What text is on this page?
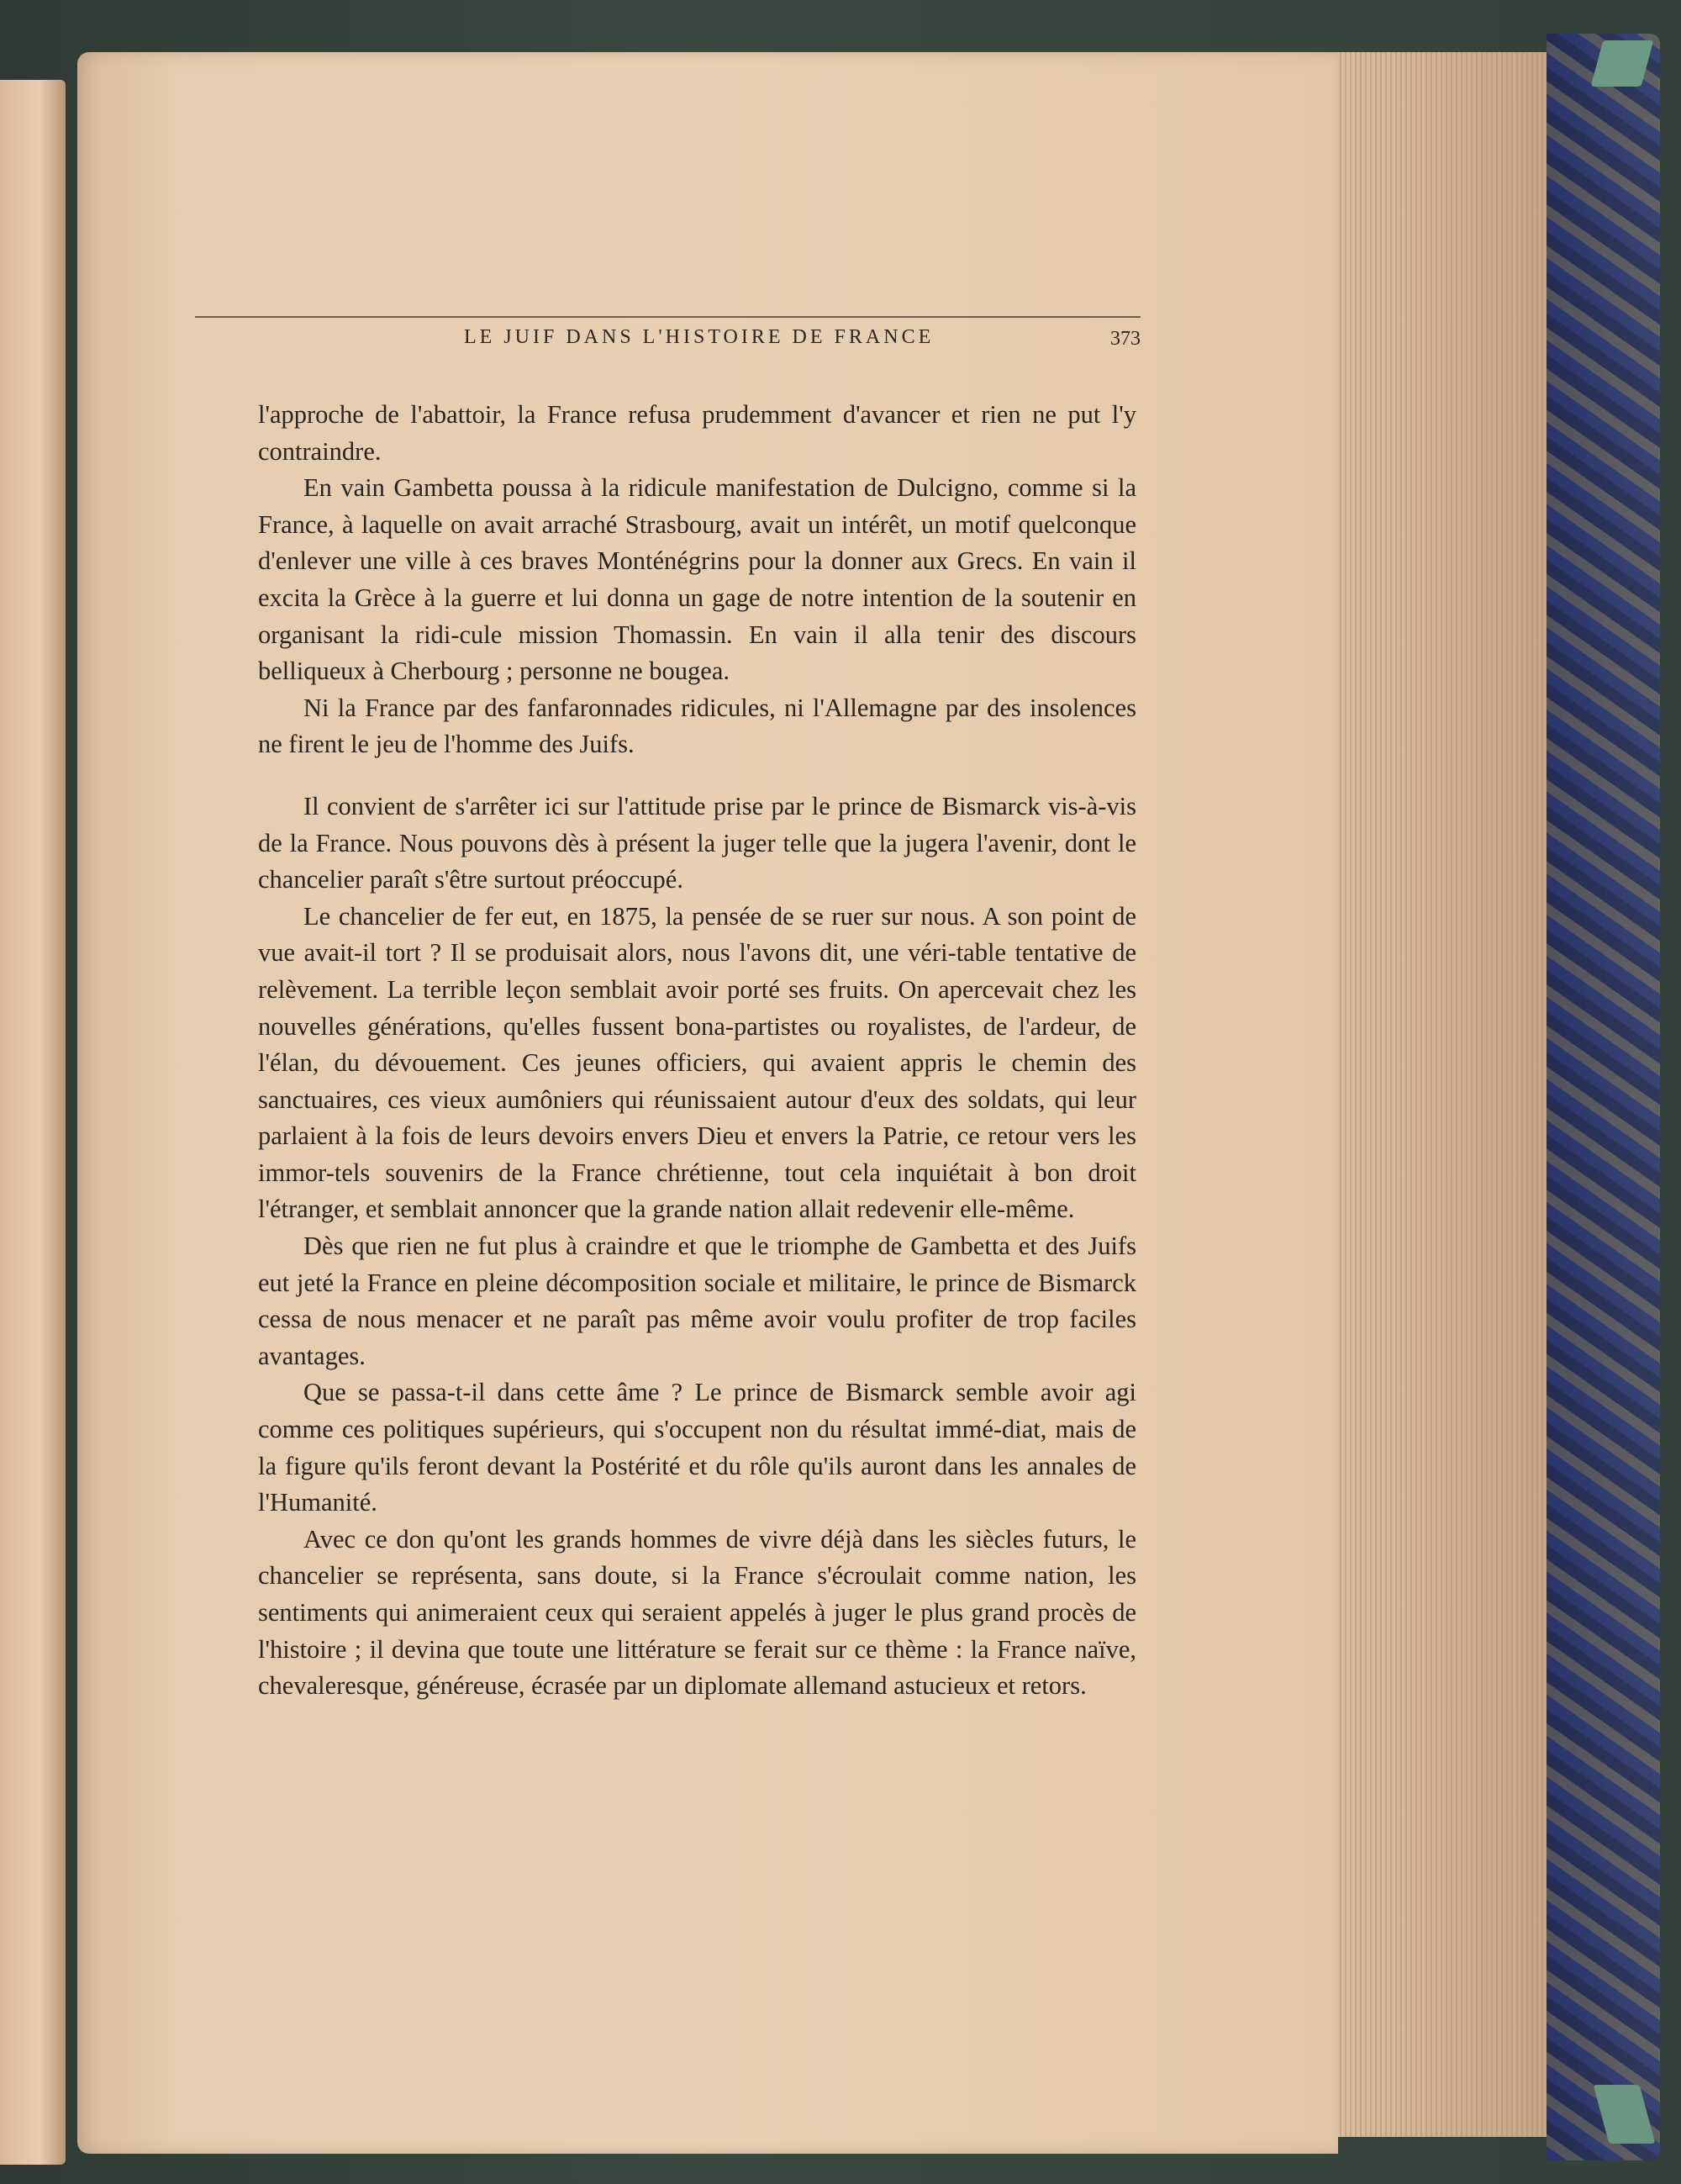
LE JUIF DANS L'HISTOIRE DE FRANCE	373

l'approche de l'abattoir, la France refusa prudemment d'avancer et rien ne put l'y contraindre.

En vain Gambetta poussa à la ridicule manifestation de Dulcigno, comme si la France, à laquelle on avait arraché Strasbourg, avait un intérêt, un motif quelconque d'enlever une ville à ces braves Monténégrins pour la donner aux Grecs. En vain il excita la Grèce à la guerre et lui donna un gage de notre intention de la soutenir en organisant la ridi-cule mission Thomassin. En vain il alla tenir des discours belliqueux à Cherbourg ; personne ne bougea.

Ni la France par des fanfaronnades ridicules, ni l'Allemagne par des insolences ne firent le jeu de l'homme des Juifs.

Il convient de s'arrêter ici sur l'attitude prise par le prince de Bismarck vis-à-vis de la France. Nous pouvons dès à présent la juger telle que la jugera l'avenir, dont le chancelier paraît s'être surtout préoccupé.

Le chancelier de fer eut, en 1875, la pensée de se ruer sur nous. A son point de vue avait-il tort ? Il se produisait alors, nous l'avons dit, une véri-table tentative de relèvement. La terrible leçon semblait avoir porté ses fruits. On apercevait chez les nouvelles générations, qu'elles fussent bona-partistes ou royalistes, de l'ardeur, de l'élan, du dévouement. Ces jeunes officiers, qui avaient appris le chemin des sanctuaires, ces vieux aumôniers qui réunissaient autour d'eux des soldats, qui leur parlaient à la fois de leurs devoirs envers Dieu et envers la Patrie, ce retour vers les immor-tels souvenirs de la France chrétienne, tout cela inquiétait à bon droit l'étranger, et semblait annoncer que la grande nation allait redevenir elle-même.

Dès que rien ne fut plus à craindre et que le triomphe de Gambetta et des Juifs eut jeté la France en pleine décomposition sociale et militaire, le prince de Bismarck cessa de nous menacer et ne paraît pas même avoir voulu profiter de trop faciles avantages.

Que se passa-t-il dans cette âme ? Le prince de Bismarck semble avoir agi comme ces politiques supérieurs, qui s'occupent non du résultat immé-diat, mais de la figure qu'ils feront devant la Postérité et du rôle qu'ils auront dans les annales de l'Humanité.

Avec ce don qu'ont les grands hommes de vivre déjà dans les siècles futurs, le chancelier se représenta, sans doute, si la France s'écroulait comme nation, les sentiments qui animeraient ceux qui seraient appelés à juger le plus grand procès de l'histoire ; il devina que toute une littérature se ferait sur ce thème : la France naïve, chevaleresque, généreuse, écrasée par un diplomate allemand astucieux et retors.
